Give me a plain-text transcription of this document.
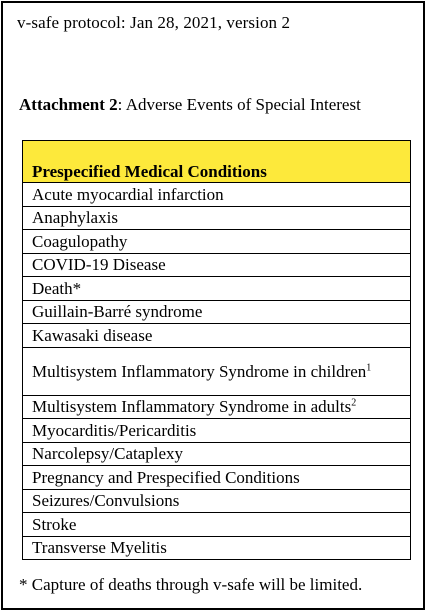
v-safe protocol: Jan 28, 2021, version 2
Attachment 2: Adverse Events of Special Interest
Prespecified Medical Conditions
Acute myocardial infarction
Anaphylaxis
Coagulopathy
COVID-19 Disease
Death*
Guillain-Barré syndrome
Kawasaki disease
Multisystem Inflammatory Syndrome in children$^1$
Multisystem Inflammatory Syndrome in adults$^2$
Myocarditis/Pericarditis
Narcolepsy/Cataplexy
Pregnancy and Prespecified Conditions
Seizures/Convulsions
Stroke
Transverse Myelitis
* Capture of deaths through v-safe will be limited.
